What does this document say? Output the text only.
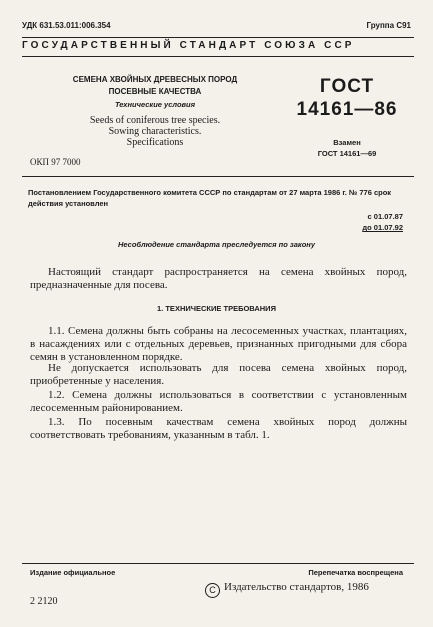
УДК 631.53.011:006.354	Группа С91
ГОСУДАРСТВЕННЫЙ СТАНДАРТ СОЮЗА ССР
СЕМЕНА ХВОЙНЫХ ДРЕВЕСНЫХ ПОРОД
ПОСЕВНЫЕ КАЧЕСТВА
Технические условия
Seeds of coniferous tree species.
Sowing characteristics.
Specifications
ГОСТ
14161—86
Взамен
ГОСТ 14161—69
ОКП 97 7000
Постановлением Государственного комитета СССР по стандартам от 27 марта 1986 г. № 776 срок действия установлен
с 01.07.87
до 01.07.92
Несоблюдение стандарта преследуется по закону
Настоящий стандарт распространяется на семена хвойных пород, предназначенные для посева.
1. ТЕХНИЧЕСКИЕ ТРЕБОВАНИЯ
1.1. Семена должны быть собраны на лесосеменных участках, плантациях, в насаждениях или с отдельных деревьев, признанных пригодными для сбора семян в установленном порядке.
Не допускается использовать для посева семена хвойных пород, приобретенные у населения.
1.2. Семена должны использоваться в соответствии с установленным лесосеменным районированием.
1.3. По посевным качествам семена хвойных пород должны соответствовать требованиям, указанным в табл. 1.
Издание официальное	Перепечатка воспрещена
C Издательство стандартов, 1986
2 2120
